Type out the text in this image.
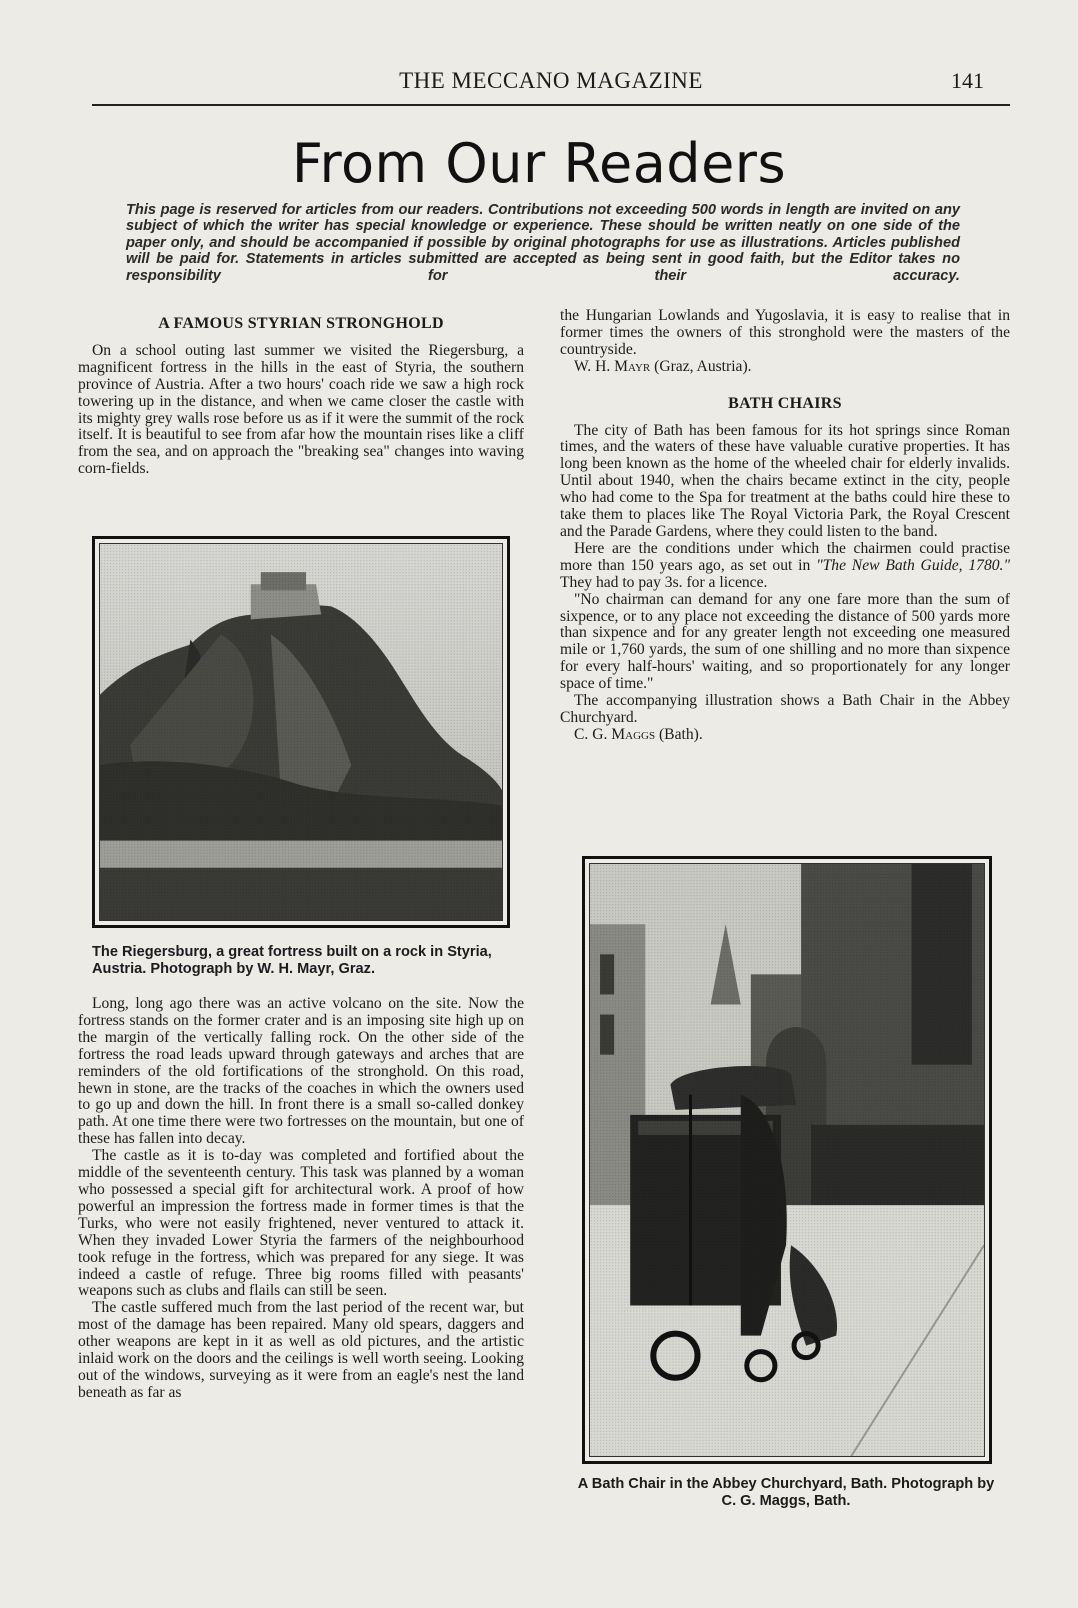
THE MECCANO MAGAZINE	141
From Our Readers

This page is reserved for articles from our readers. Contributions not exceeding 500 words in length are invited on any subject of which the writer has special knowledge or experience. These should be written neatly on one side of the paper only, and should be accompanied if possible by original photographs for use as illustrations. Articles published will be paid for. Statements in articles submitted are accepted as being sent in good faith, but the Editor takes no responsibility for their accuracy.

A FAMOUS STYRIAN STRONGHOLD

On a school outing last summer we visited the Riegersburg, a magnificent fortress in the hills in the east of Styria, the southern province of Austria. After a two hours' coach ride we saw a high rock towering up in the distance, and when we came closer the castle with its mighty grey walls rose before us as if it were the summit of the rock itself. It is beautiful to see from afar how the mountain rises like a cliff from the sea, and on approach the "breaking sea" changes into waving corn-fields.

The Riegersburg, a great fortress built on a rock in Styria, Austria. Photograph by W. H. Mayr, Graz.

Long, long ago there was an active volcano on the site. Now the fortress stands on the former crater and is an imposing site high up on the margin of the vertically falling rock. On the other side of the fortress the road leads upward through gateways and arches that are reminders of the old fortifications of the stronghold. On this road, hewn in stone, are the tracks of the coaches in which the owners used to go up and down the hill. In front there is a small so-called donkey path. At one time there were two fortresses on the mountain, but one of these has fallen into decay.

The castle as it is to-day was completed and fortified about the middle of the seventeenth century. This task was planned by a woman who possessed a special gift for architectural work. A proof of how powerful an impression the fortress made in former times is that the Turks, who were not easily frightened, never ventured to attack it. When they invaded Lower Styria the farmers of the neighbourhood took refuge in the fortress, which was prepared for any siege. It was indeed a castle of refuge. Three big rooms filled with peasants' weapons such as clubs and flails can still be seen.

The castle suffered much from the last period of the recent war, but most of the damage has been repaired. Many old spears, daggers and other weapons are kept in it as well as old pictures, and the artistic inlaid work on the doors and the ceilings is well worth seeing. Looking out of the windows, surveying as it were from an eagle's nest the land beneath as far as

the Hungarian Lowlands and Yugoslavia, it is easy to realise that in former times the owners of this stronghold were the masters of the countryside.

W. H. Mayr (Graz, Austria).

BATH CHAIRS

The city of Bath has been famous for its hot springs since Roman times, and the waters of these have valuable curative properties. It has long been known as the home of the wheeled chair for elderly invalids. Until about 1940, when the chairs became extinct in the city, people who had come to the Spa for treatment at the baths could hire these to take them to places like The Royal Victoria Park, the Royal Crescent and the Parade Gardens, where they could listen to the band.

Here are the conditions under which the chairmen could practise more than 150 years ago, as set out in "The New Bath Guide, 1780." They had to pay 3s. for a licence.

"No chairman can demand for any one fare more than the sum of sixpence, or to any place not exceeding the distance of 500 yards more than sixpence and for any greater length not exceeding one measured mile or 1,760 yards, the sum of one shilling and no more than sixpence for every half-hours' waiting, and so proportionately for any longer space of time."

The accompanying illustration shows a Bath Chair in the Abbey Churchyard.

C. G. Maggs (Bath).

A Bath Chair in the Abbey Churchyard, Bath. Photograph by C. G. Maggs, Bath.
